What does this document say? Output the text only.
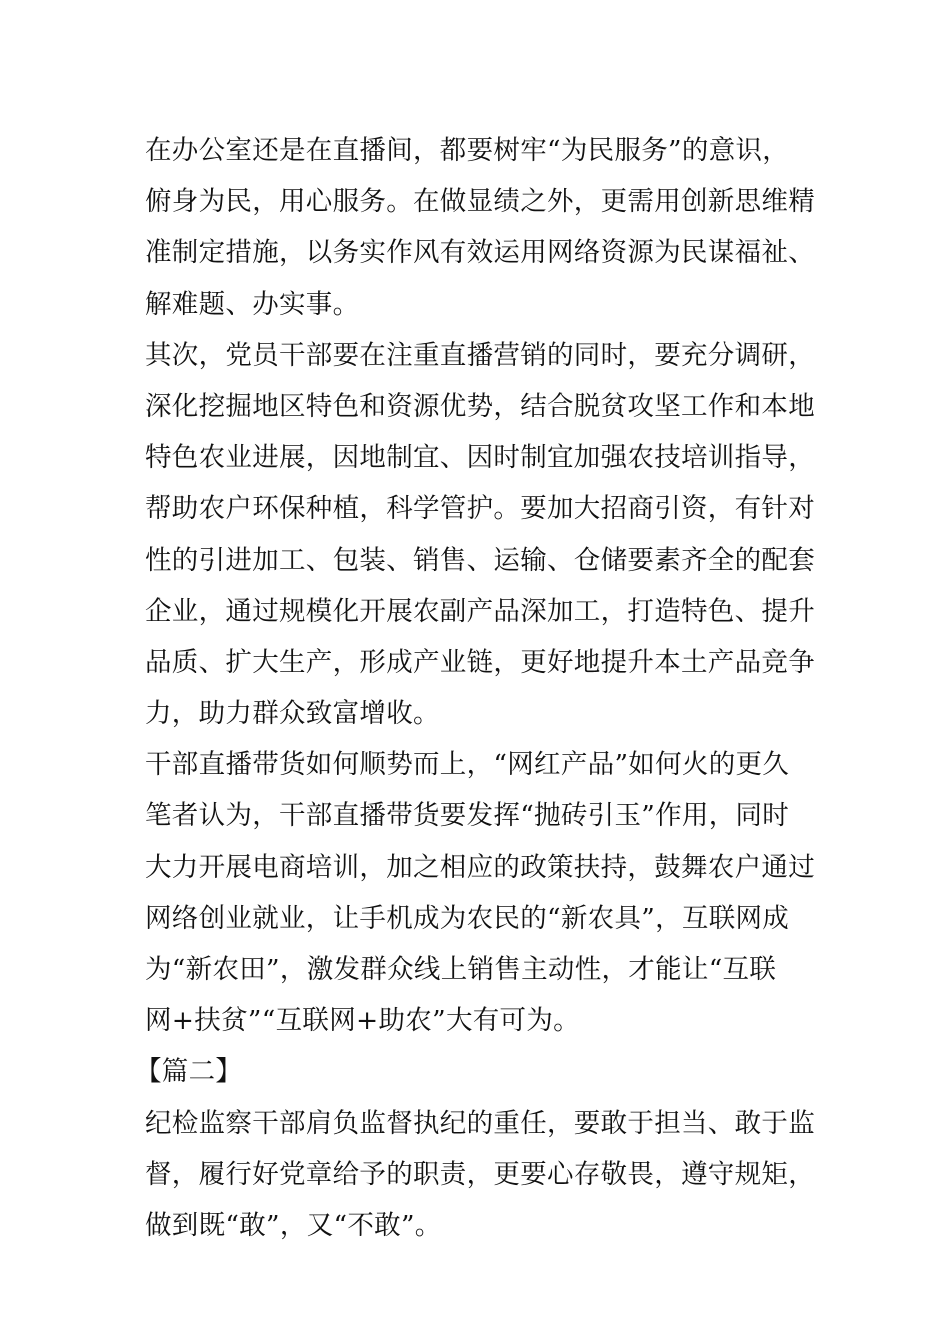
在办公室还是在直播间，都要树牢“为民服务”的意识，
俯身为民，用心服务。在做显绩之外，更需用创新思维精
准制定措施，以务实作风有效运用网络资源为民谋福祉、
解难题、办实事。
其次，党员干部要在注重直播营销的同时，要充分调研，
深化挖掘地区特色和资源优势，结合脱贫攻坚工作和本地
特色农业进展，因地制宜、因时制宜加强农技培训指导，
帮助农户环保种植，科学管护。要加大招商引资，有针对
性的引进加工、包装、销售、运输、仓储要素齐全的配套
企业，通过规模化开展农副产品深加工，打造特色、提升
品质、扩大生产，形成产业链，更好地提升本土产品竞争
力，助力群众致富增收。
干部直播带货如何顺势而上，“网红产品”如何火的更久
笔者认为，干部直播带货要发挥“抛砖引玉”作用，同时
大力开展电商培训，加之相应的政策扶持，鼓舞农户通过
网络创业就业，让手机成为农民的“新农具”，互联网成
为“新农田”，激发群众线上销售主动性，才能让“互联
网+扶贫”“互联网+助农”大有可为。
【篇二】
纪检监察干部肩负监督执纪的重任，要敢于担当、敢于监
督，履行好党章给予的职责，更要心存敬畏，遵守规矩，
做到既“敢”，又“不敢”。
